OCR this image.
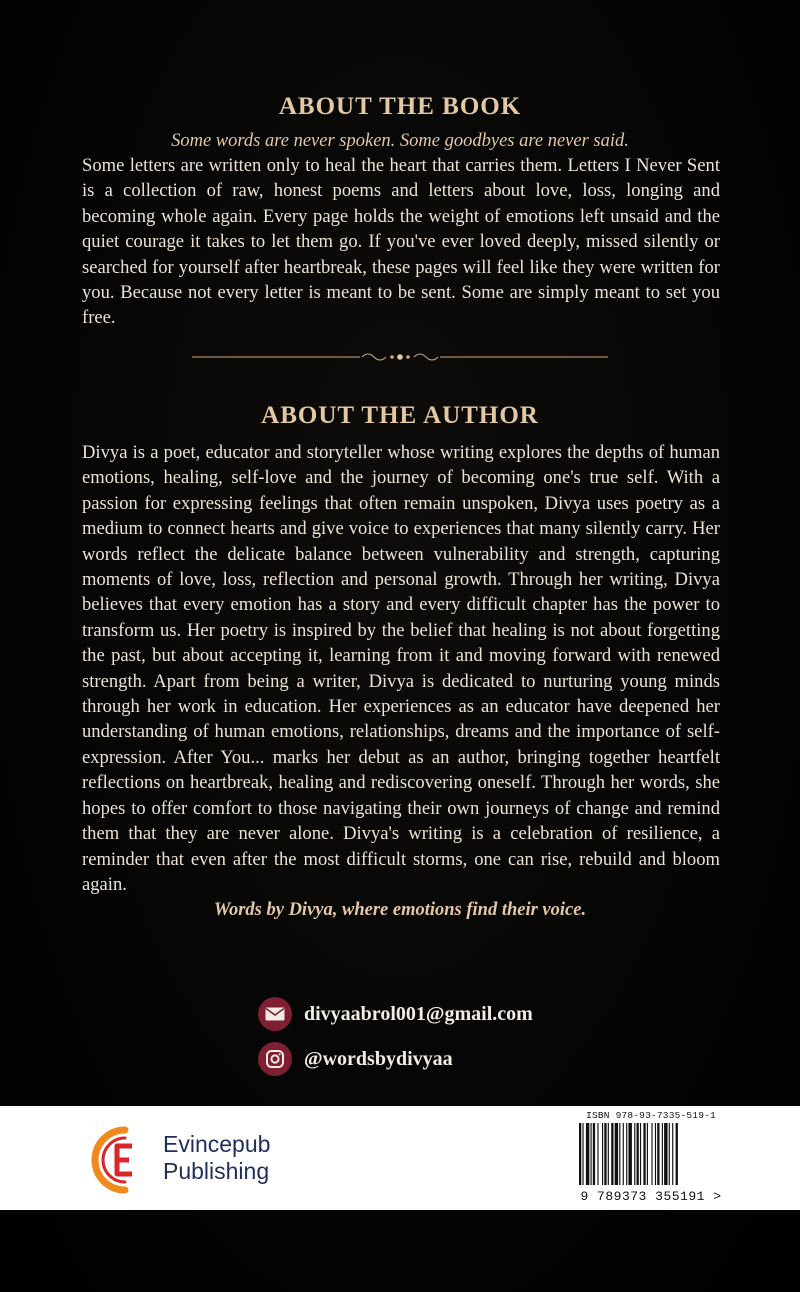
ABOUT THE BOOK
Some words are never spoken. Some goodbyes are never said.

Some letters are written only to heal the heart that carries them. Letters I Never Sent is a collection of raw, honest poems and letters about love, loss, longing and becoming whole again. Every page holds the weight of emotions left unsaid and the quiet courage it takes to let them go. If you've ever loved deeply, missed silently or searched for yourself after heartbreak, these pages will feel like they were written for you. Because not every letter is meant to be sent. Some are simply meant to set you free.

ABOUT THE AUTHOR

Divya is a poet, educator and storyteller whose writing explores the depths of human emotions, healing, self-love and the journey of becoming one's true self. With a passion for expressing feelings that often remain unspoken, Divya uses poetry as a medium to connect hearts and give voice to experiences that many silently carry. Her words reflect the delicate balance between vulnerability and strength, capturing moments of love, loss, reflection and personal growth. Through her writing, Divya believes that every emotion has a story and every difficult chapter has the power to transform us. Her poetry is inspired by the belief that healing is not about forgetting the past, but about accepting it, learning from it and moving forward with renewed strength. Apart from being a writer, Divya is dedicated to nurturing young minds through her work in education. Her experiences as an educator have deepened her understanding of human emotions, relationships, dreams and the importance of self-expression. After You... marks her debut as an author, bringing together heartfelt reflections on heartbreak, healing and rediscovering oneself. Through her words, she hopes to offer comfort to those navigating their own journeys of change and remind them that they are never alone. Divya's writing is a celebration of resilience, a reminder that even after the most difficult storms, one can rise, rebuild and bloom again.

Words by Divya, where emotions find their voice.
divyaabrol001@gmail.com
@wordsbydivyaa
Evincepub
Publishing
ISBN 978-93-7335-519-1
9 789373 355191 >
